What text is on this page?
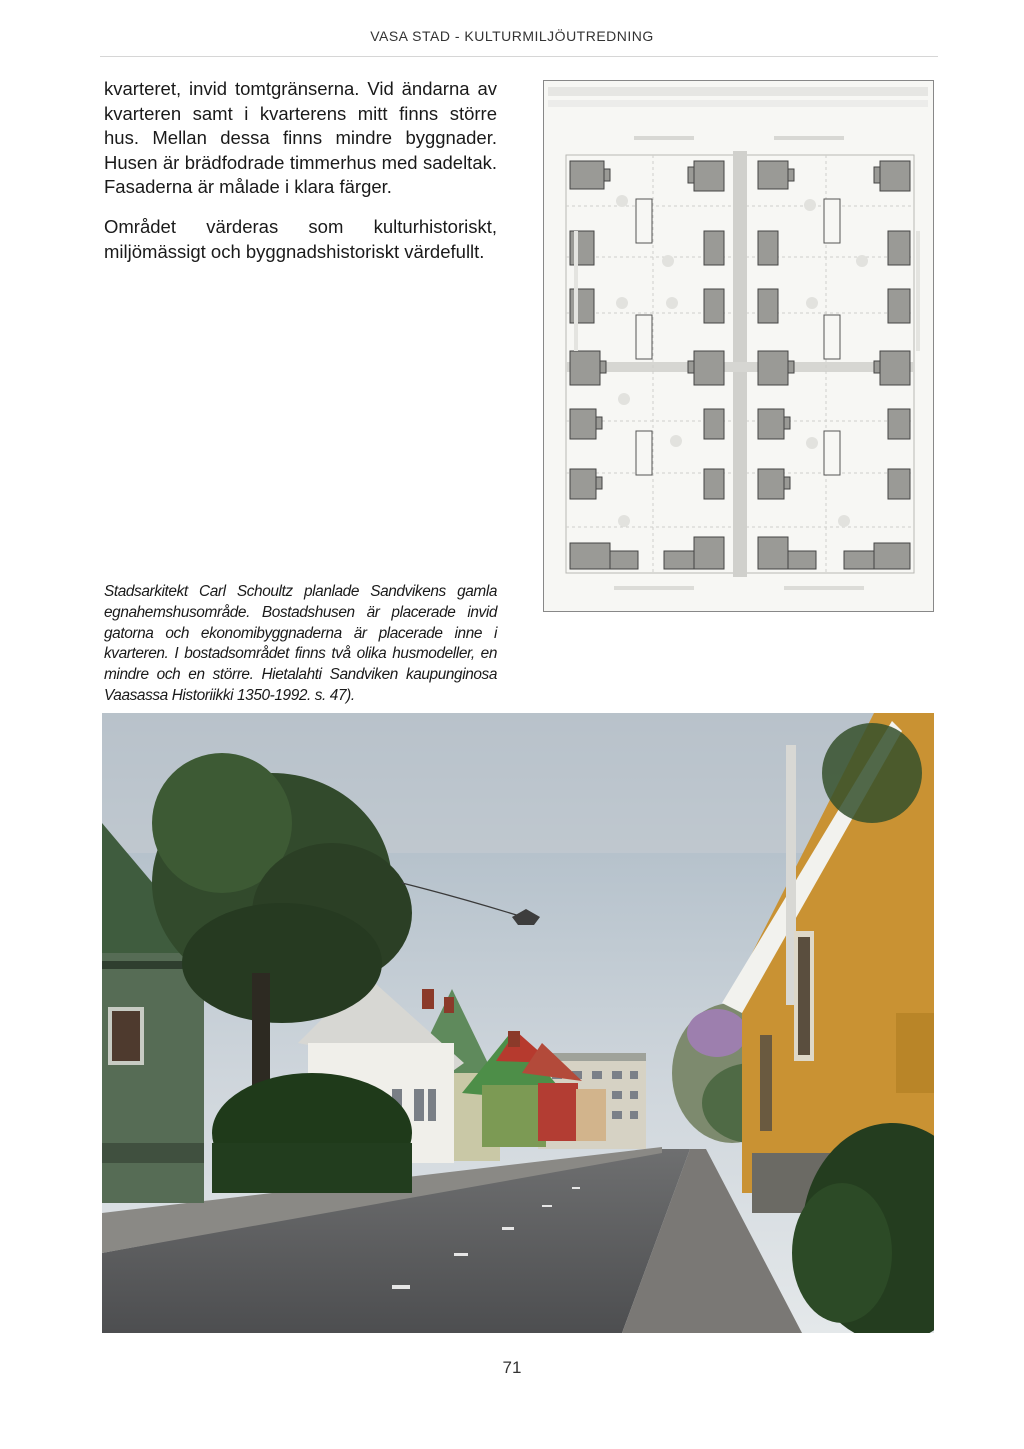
VASA STAD - KULTURMILJÖUTREDNING

kvarteret, invid tomtgränserna. Vid ändarna av kvarteren samt i kvarterens mitt finns större hus. Mellan dessa finns mindre byggnader. Husen är brädfodrade timmerhus med sadeltak. Fasaderna är målade i klara färger.

Området värderas som kulturhistoriskt, miljömässigt och byggnadshistoriskt värdefullt.

Stadsarkitekt Carl Schoultz planlade Sandvikens gamla egnahemshusområde. Bostadshusen är placerade invid gatorna och ekonomibyggnaderna är placerade inne i kvarteren. I bostadsområdet finns två olika husmodeller, en mindre och en större. Hietalahti Sandviken kaupunginosa Vaasassa Historiikki 1350-1992. s. 47).

71
